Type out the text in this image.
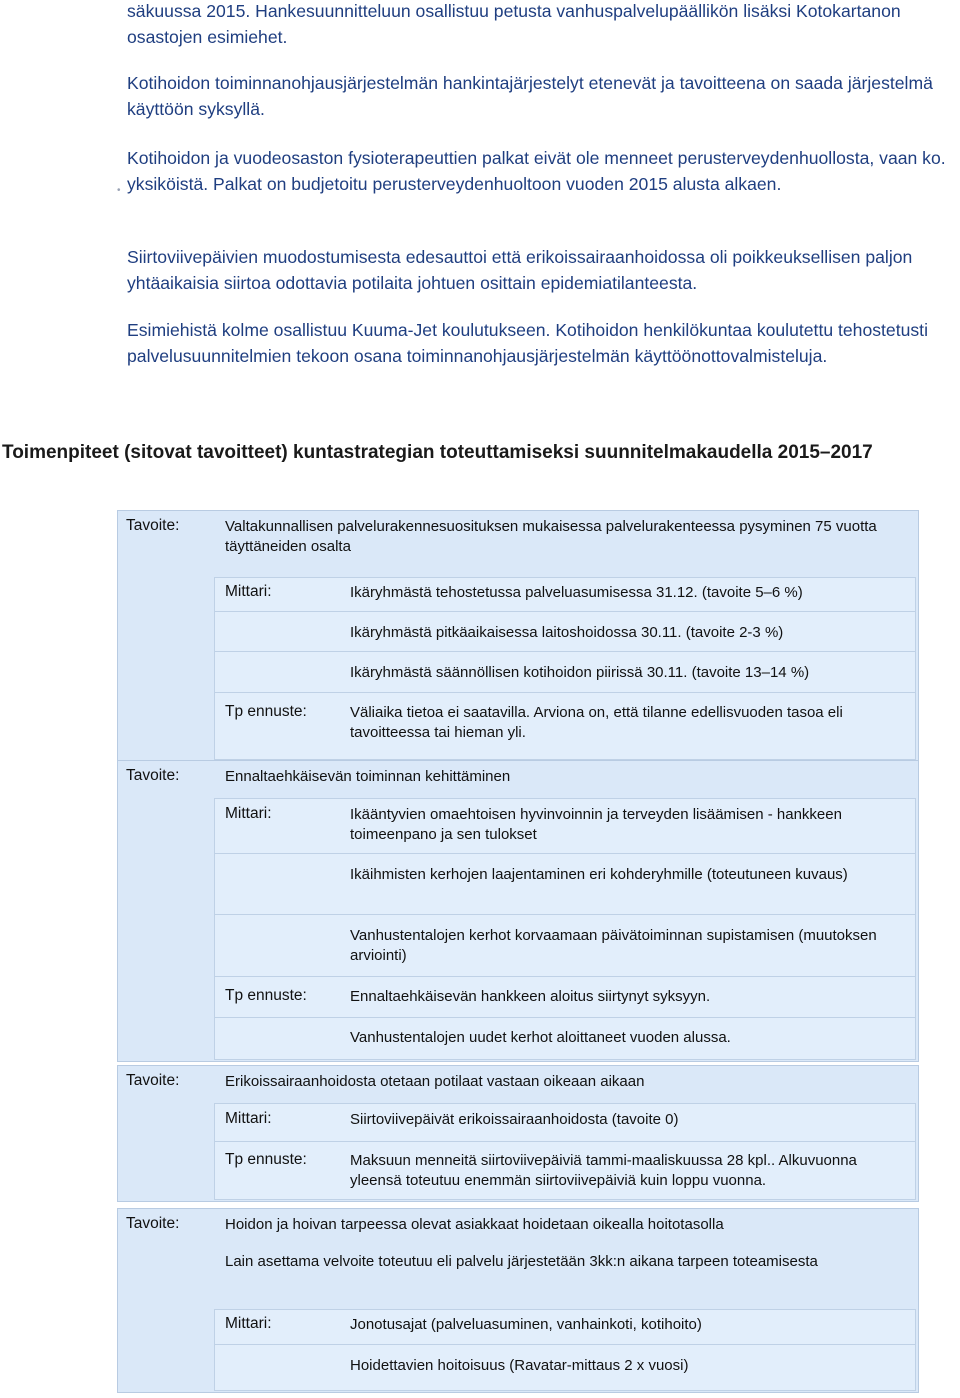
säkuussa 2015. Hankesuunnitteluun osallistuu petusta vanhuspalvelupäällikön lisäksi Kotokartanon osastojen esimiehet.
Kotihoidon toiminnanohjausjärjestelmän hankintajärjestelyt etenevät ja tavoitteena on saada järjestelmä käyttöön syksyllä.
•
Kotihoidon ja vuodeosaston fysioterapeuttien palkat eivät ole menneet perusterveydenhuollosta, vaan ko. yksiköistä. Palkat on budjetoitu perusterveydenhuoltoon vuoden 2015 alusta alkaen.
Siirtoviivepäivien muodostumisesta edesauttoi että erikoissairaanhoidossa oli poikkeuksellisen paljon yhtäaikaisia siirtoa odottavia potilaita johtuen osittain epidemiatilanteesta.
Esimiehistä kolme osallistuu Kuuma-Jet koulutukseen. Kotihoidon henkilökuntaa koulutettu tehostetusti palvelusuunnitelmien tekoon osana toiminnanohjausjärjestelmän käyttöönottovalmisteluja.
Toimenpiteet (sitovat tavoitteet) kuntastrategian toteuttamiseksi suunnitelmakaudella 2015–2017
Tavoite:	Valtakunnallisen palvelurakennesuosituksen mukaisessa palvelurakenteessa pysyminen 75 vuotta täyttäneiden osalta
Mittari:	Ikäryhmästä tehostetussa palveluasumisessa 31.12. (tavoite 5–6 %)
Ikäryhmästä pitkäaikaisessa laitoshoidossa 30.11. (tavoite 2-3 %)
Ikäryhmästä säännöllisen kotihoidon piirissä 30.11. (tavoite 13–14 %)
Tp ennuste:	Väliaika tietoa ei saatavilla. Arviona on, että tilanne edellisvuoden tasoa eli tavoitteessa tai hieman yli.
Tavoite:	Ennaltaehkäisevän toiminnan kehittäminen
Mittari:	Ikääntyvien omaehtoisen hyvinvoinnin ja terveyden lisäämisen - hankkeen toimeenpano ja sen tulokset
Ikäihmisten kerhojen laajentaminen eri kohderyhmille (toteutuneen kuvaus)
Vanhustentalojen kerhot korvaamaan päivätoiminnan supistamisen (muutoksen arviointi)
Tp ennuste:	Ennaltaehkäisevän hankkeen aloitus siirtynyt syksyyn.
Vanhustentalojen uudet kerhot aloittaneet vuoden alussa.
Tavoite:	Erikoissairaanhoidosta otetaan potilaat vastaan oikeaan aikaan
Mittari:	Siirtoviivepäivät erikoissairaanhoidosta (tavoite 0)
Tp ennuste:	Maksuun menneitä siirtoviivepäiviä tammi-maaliskuussa 28 kpl.. Alkuvuonna yleensä toteutuu enemmän siirtoviivepäiviä kuin loppu vuonna.
Tavoite:	Hoidon ja hoivan tarpeessa olevat asiakkaat hoidetaan oikealla hoitotasolla
Lain asettama velvoite toteutuu eli palvelu järjestetään 3kk:n aikana tarpeen toteamisesta
Mittari:	Jonotusajat (palveluasuminen, vanhainkoti, kotihoito)
Hoidettavien hoitoisuus (Ravatar-mittaus 2 x vuosi)
